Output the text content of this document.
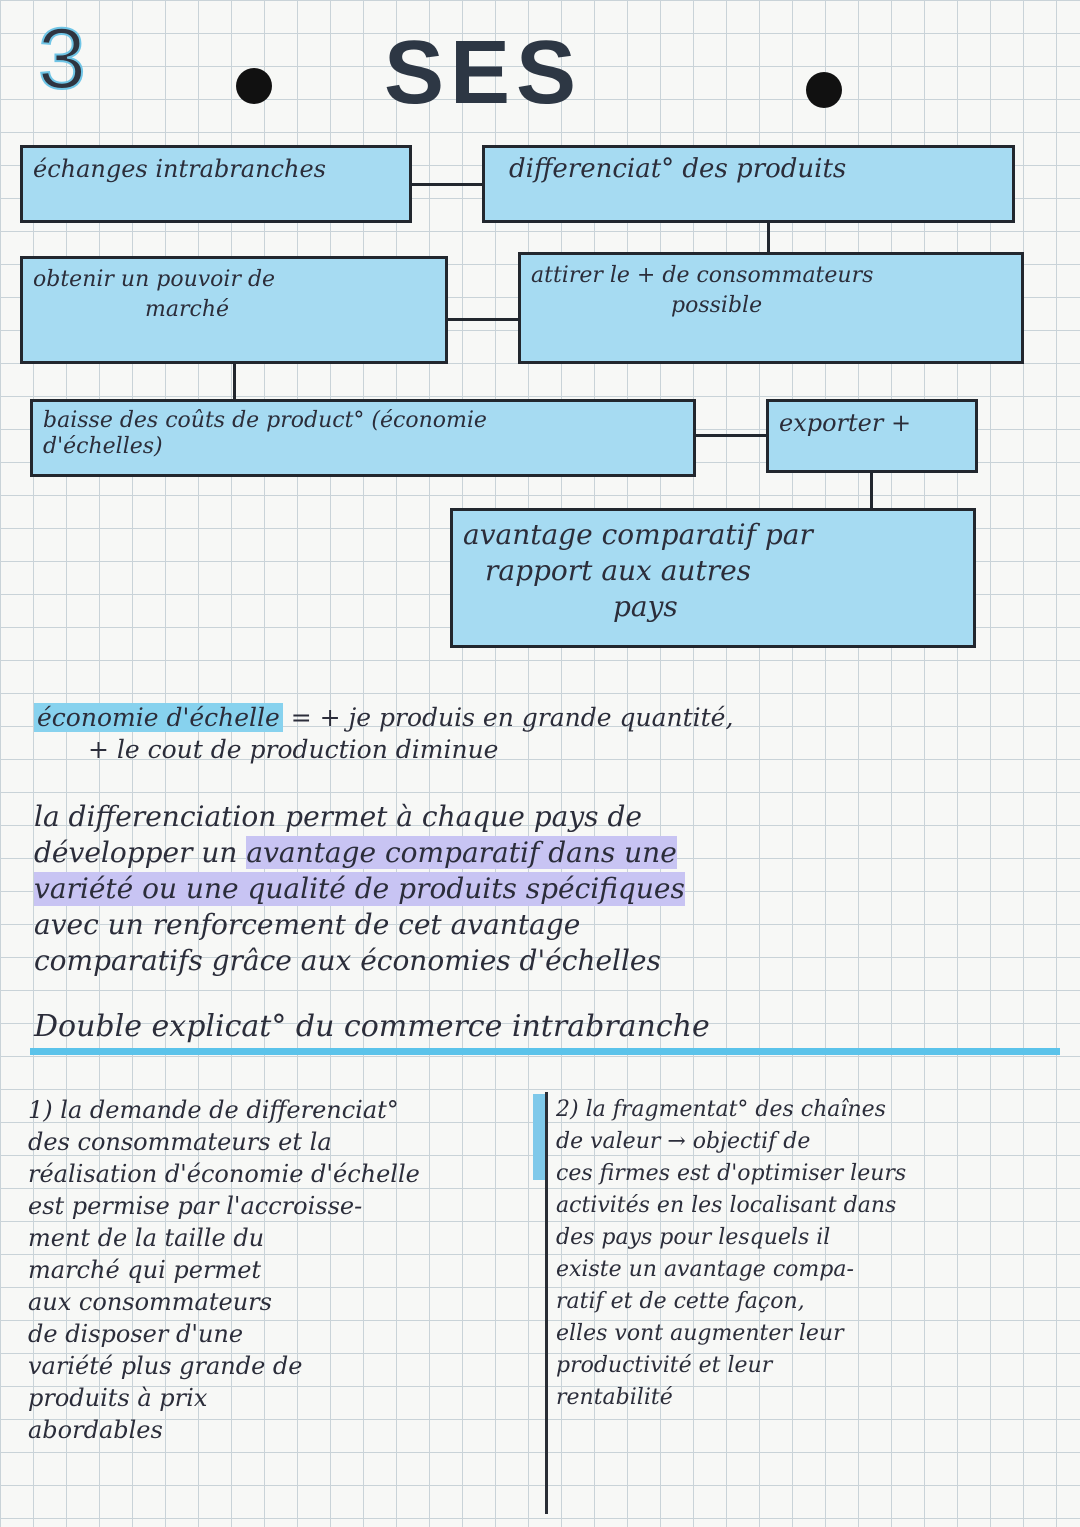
3	SES
échanges intrabranches	differenciat° des produits
obtenir un pouvoir de
marché
attirer le + de consommateurs
possible
baisse des coûts de product° (économie
d'échelles)
exporter +
avantage comparatif par
rapport aux autres
pays
économie d'échelle = + je produis en grande quantité,
+ le cout de production diminue
la differenciation permet à chaque pays de
développer un avantage comparatif dans une
variété ou une qualité de produits spécifiques
avec un renforcement de cet avantage
comparatifs grâce aux économies d'échelles
Double explicat° du commerce intrabranche
1) la demande de differenciat°
des consommateurs et la
réalisation d'économie d'échelle
est permise par l'accroisse-
ment de la taille du
marché qui permet
aux consommateurs
de disposer d'une
variété plus grande de
produits à prix
abordables
2) la fragmentat° des chaînes
de valeur → objectif de
ces firmes est d'optimiser leurs
activités en les localisant dans
des pays pour lesquels il
existe un avantage compa-
ratif et de cette façon,
elles vont augmenter leur
productivité et leur
rentabilité
